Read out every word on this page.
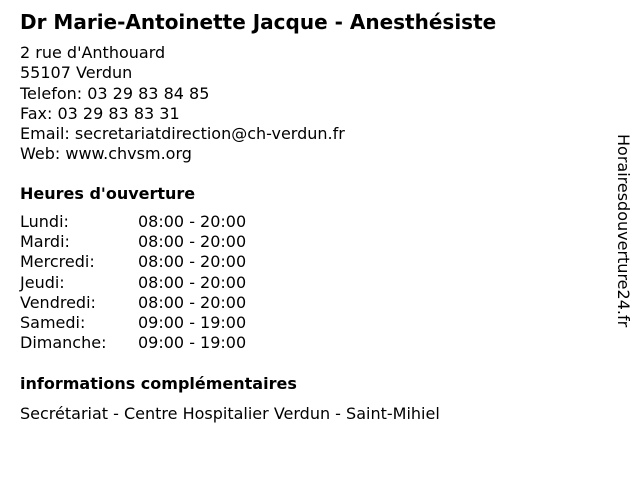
Dr Marie-Antoinette Jacque - Anesthésiste
2 rue d'Anthouard
55107 Verdun
Telefon: 03 29 83 84 85
Fax: 03 29 83 83 31
Email: secretariatdirection@ch-verdun.fr
Web: www.chvsm.org
Heures d'ouverture
Lundi:	08:00 - 20:00
Mardi:	08:00 - 20:00
Mercredi:	08:00 - 20:00
Jeudi:	08:00 - 20:00
Vendredi:	08:00 - 20:00
Samedi:	09:00 - 19:00
Dimanche: 09:00 - 19:00
informations complémentaires
Secrétariat - Centre Hospitalier Verdun - Saint-Mihiel
Horairesdouverture24.fr
